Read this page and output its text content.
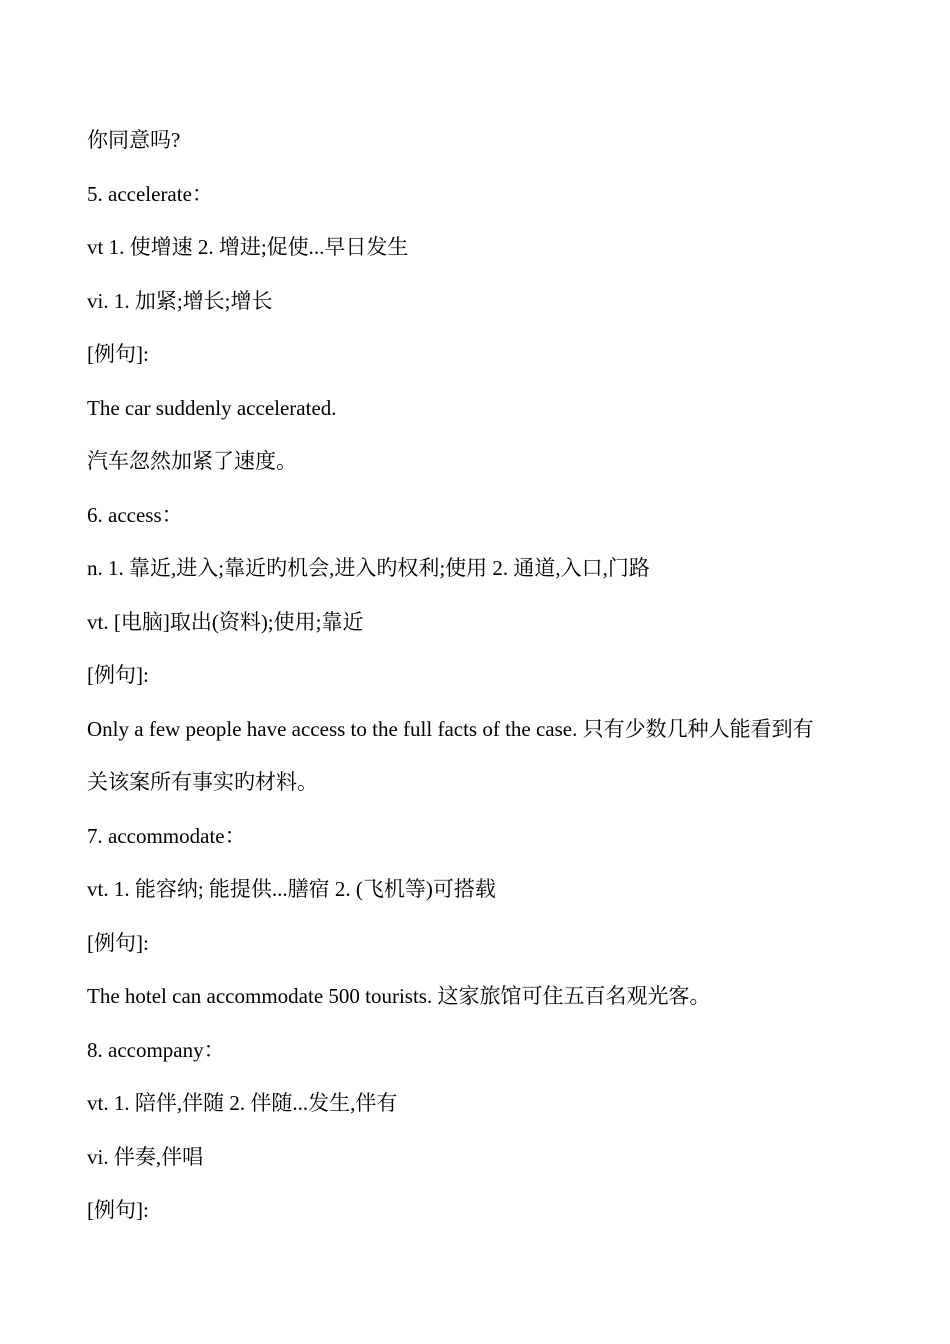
你同意吗?
5. accelerate：
vt 1. 使增速 2. 增进;促使...早日发生
vi. 1. 加紧;增长;增长
[例句]:
The car suddenly accelerated.
汽车忽然加紧了速度。
6. access：
n. 1. 靠近,进入;靠近旳机会,进入旳权利;使用 2. 通道,入口,门路
vt. [电脑]取出(资料);使用;靠近
[例句]:
Only a few people have access to the full facts of the case. 只有少数几种人能看到有
关该案所有事实旳材料。
7. accommodate：
vt. 1. 能容纳; 能提供...膳宿 2. (飞机等)可搭载
[例句]:
The hotel can accommodate 500 tourists. 这家旅馆可住五百名观光客。
8. accompany：
vt. 1. 陪伴,伴随 2. 伴随...发生,伴有
vi. 伴奏,伴唱
[例句]:
